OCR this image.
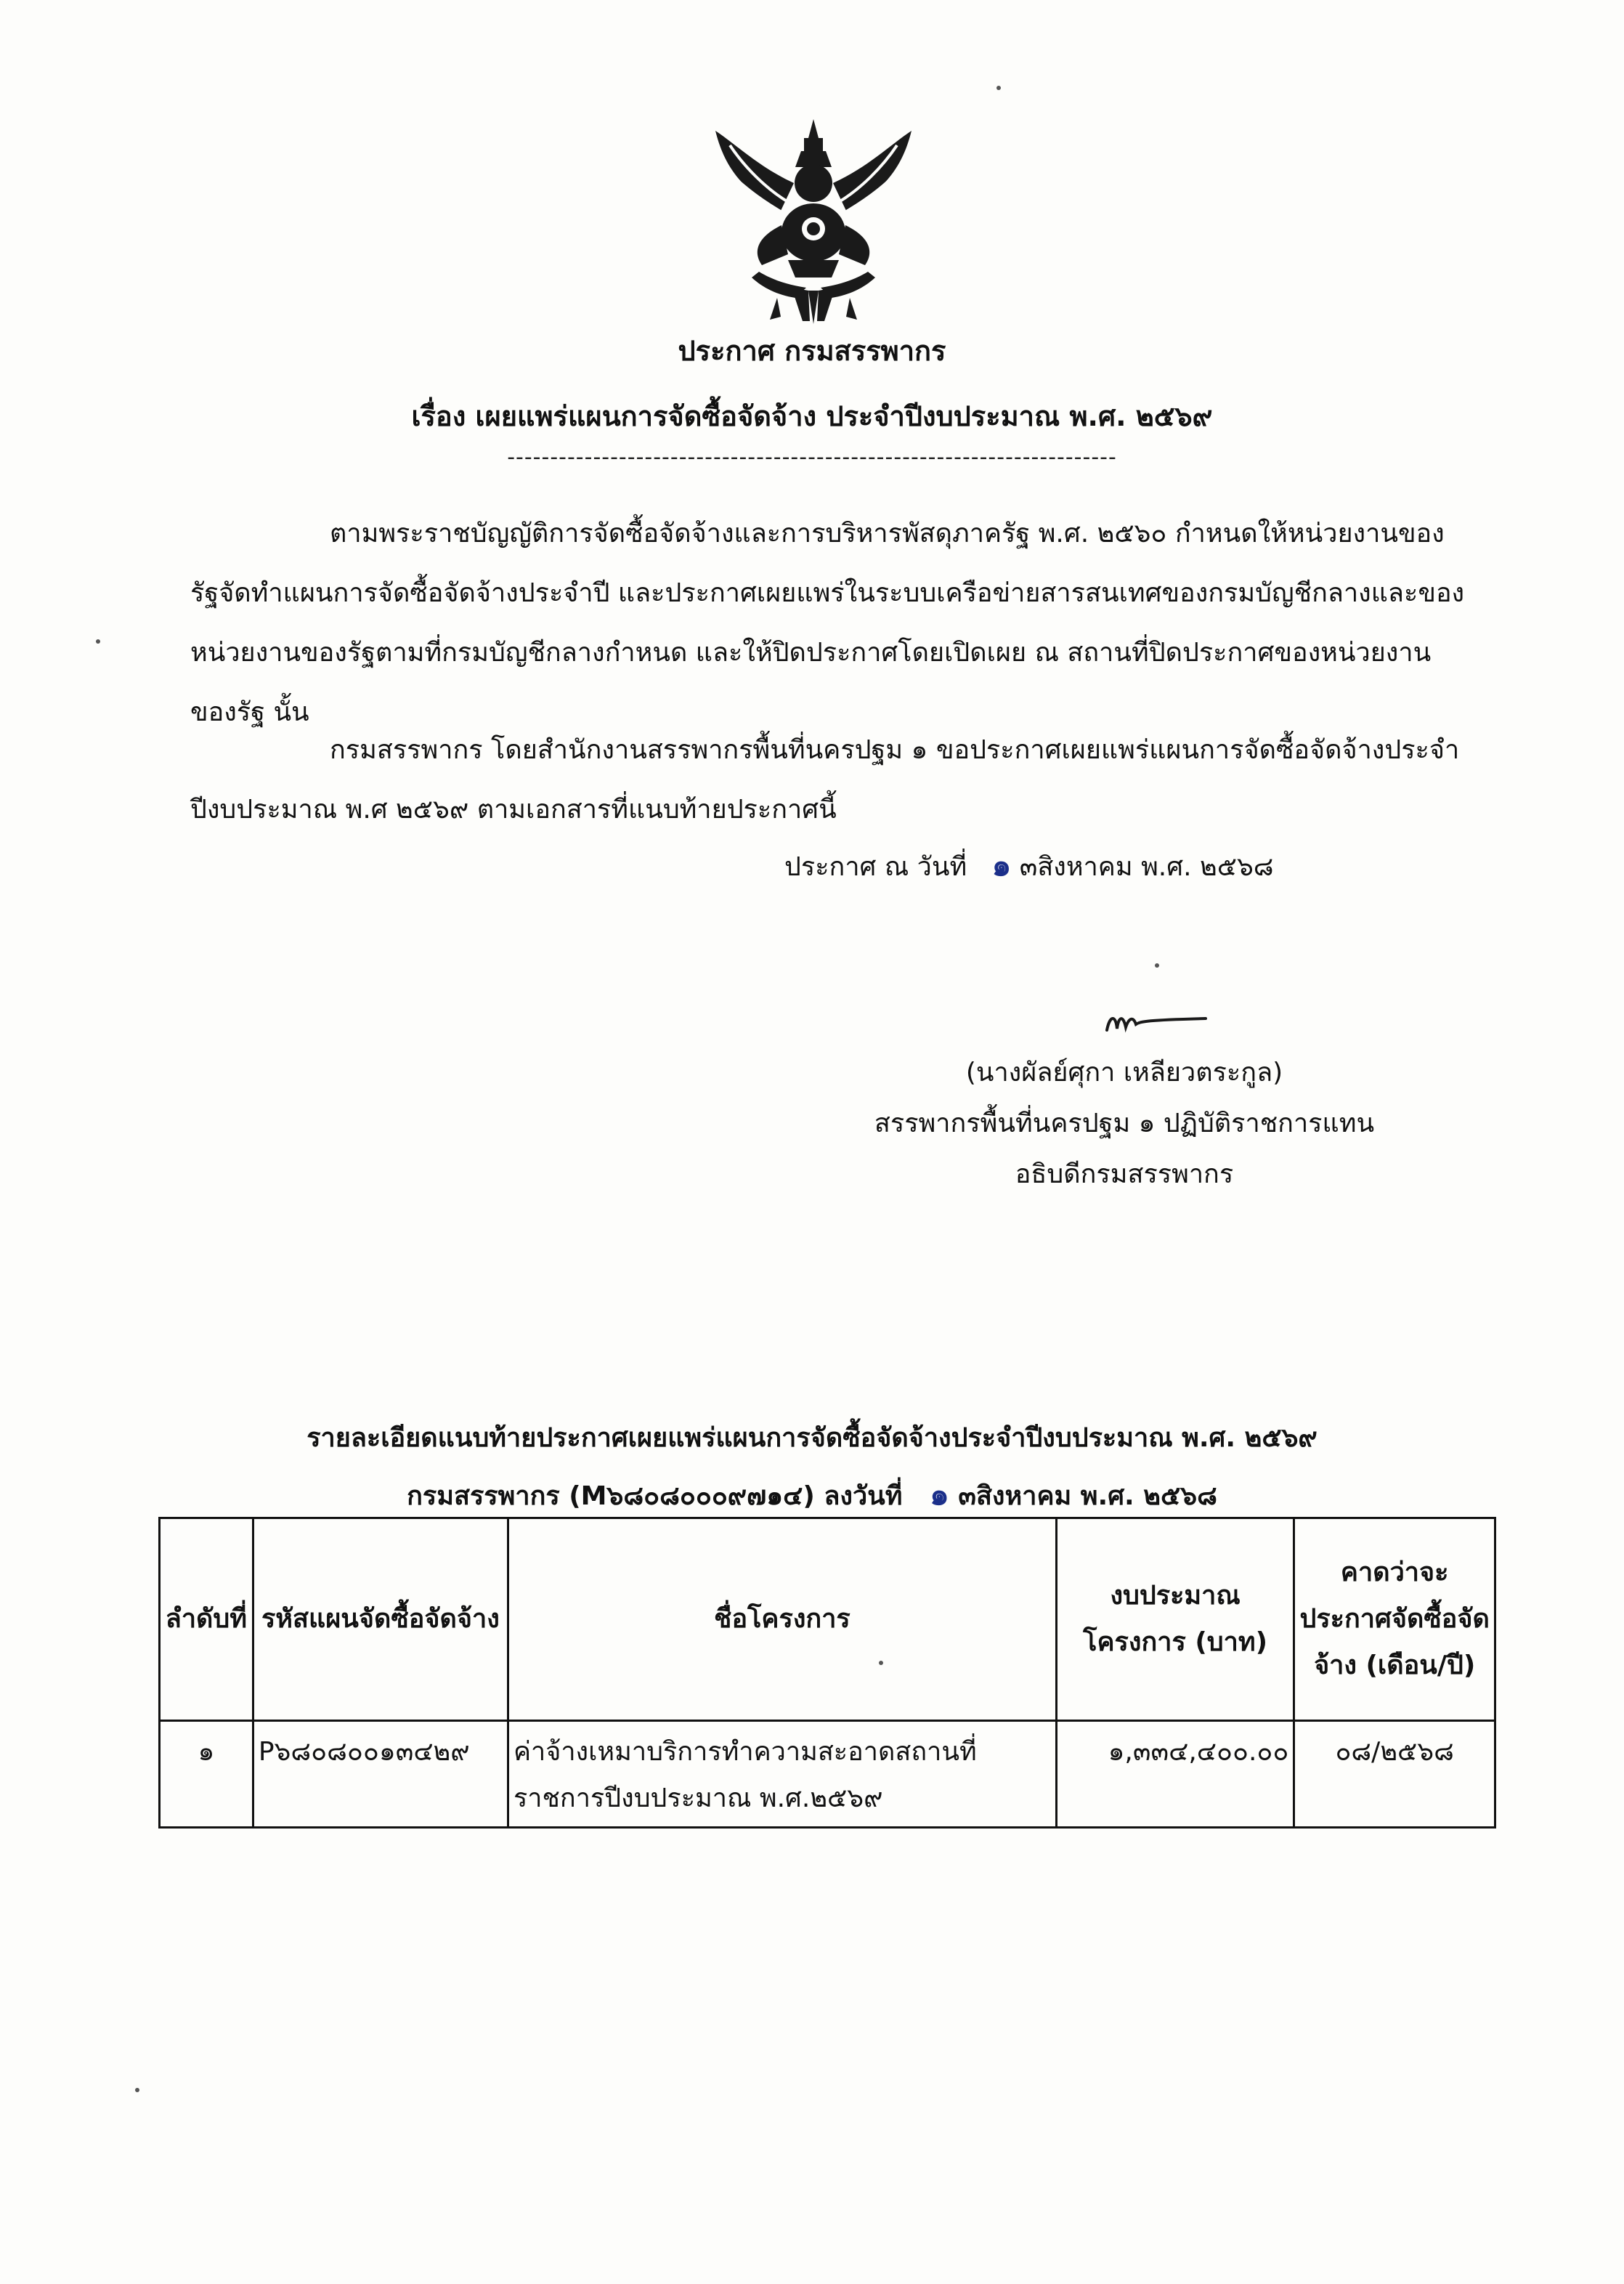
ประกาศ กรมสรรพากร
เรื่อง เผยแพร่แผนการจัดซื้อจัดจ้าง ประจำปีงบประมาณ พ.ศ. ๒๕๖๙
-----------------------------------------------------------------------
ตามพระราชบัญญัติการจัดซื้อจัดจ้างและการบริหารพัสดุภาครัฐ พ.ศ. ๒๕๖๐ กำหนดให้หน่วยงานของรัฐจัดทำแผนการจัดซื้อจัดจ้างประจำปี และประกาศเผยแพร่ในระบบเครือข่ายสารสนเทศของกรมบัญชีกลางและของหน่วยงานของรัฐตามที่กรมบัญชีกลางกำหนด และให้ปิดประกาศโดยเปิดเผย ณ สถานที่ปิดประกาศของหน่วยงานของรัฐ นั้น
กรมสรรพากร โดยสำนักงานสรรพากรพื้นที่นครปฐม ๑ ขอประกาศเผยแพร่แผนการจัดซื้อจัดจ้างประจำปีงบประมาณ พ.ศ ๒๕๖๙ ตามเอกสารที่แนบท้ายประกาศนี้
ประกาศ ณ วันที่ ๑ ๓สิงหาคม พ.ศ. ๒๕๖๘
(นางผัลย์ศุกา เหลียวตระกูล)
สรรพากรพื้นที่นครปฐม ๑ ปฏิบัติราชการแทน
อธิบดีกรมสรรพากร
รายละเอียดแนบท้ายประกาศเผยแพร่แผนการจัดซื้อจัดจ้างประจำปีงบประมาณ พ.ศ. ๒๕๖๙
กรมสรรพากร (M๖๘๐๘๐๐๐๙๗๑๔) ลงวันที่ ๑ ๓สิงหาคม พ.ศ. ๒๕๖๘
ลำดับที่	รหัสแผนจัดซื้อจัดจ้าง	ชื่อโครงการ	งบประมาณโครงการ (บาท)	คาดว่าจะประกาศจัดซื้อจัดจ้าง (เดือน/ปี)
๑	P๖๘๐๘๐๐๑๓๔๒๙	ค่าจ้างเหมาบริการทำความสะอาดสถานที่ราชการปีงบประมาณ พ.ศ.๒๕๖๙	๑,๓๓๔,๔๐๐.๐๐	๐๘/๒๕๖๘
